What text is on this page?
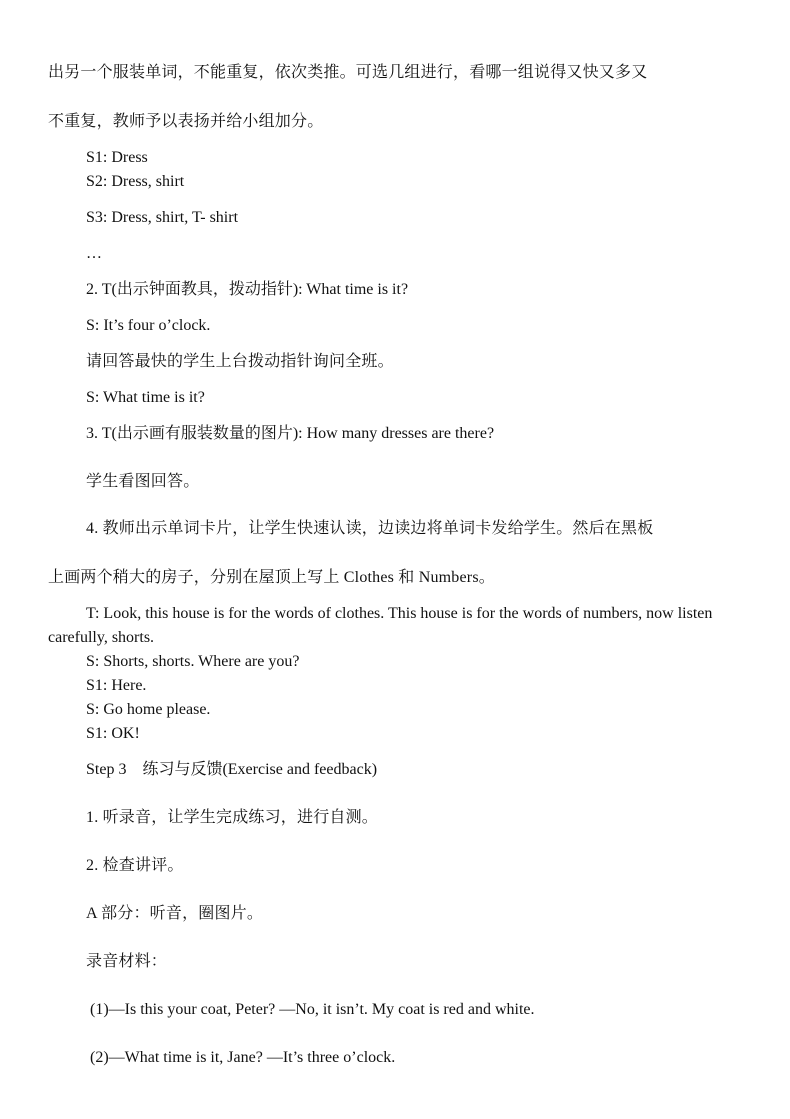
出另一个服装单词，不能重复，依次类推。可选几组进行，看哪一组说得又快又多又
不重复，教师予以表扬并给小组加分。
S1: Dress
S2: Dress, shirt
S3: Dress, shirt, T- shirt
…
2. T(出示钟面教具，拨动指针): What time is it?
S: It’s four o’clock.
请回答最快的学生上台拨动指针询问全班。
S: What time is it?
3. T(出示画有服装数量的图片): How many dresses are there?
学生看图回答。
4. 教师出示单词卡片，让学生快速认读，边读边将单词卡发给学生。然后在黑板
上画两个稍大的房子，分别在屋顶上写上 Clothes 和 Numbers。
T: Look, this house is for the words of clothes. This house is for the words of numbers, now listen carefully, shorts.
S: Shorts, shorts. Where are you?
S1: Here.
S: Go home please.
S1: OK!
Step 3    练习与反馈(Exercise and feedback)
1. 听录音，让学生完成练习，进行自测。
2. 检查讲评。
A 部分：听音，圈图片。
录音材料：
(1)—Is this your coat, Peter? —No, it isn’t. My coat is red and white.
(2)—What time is it, Jane? —It’s three o’clock.
